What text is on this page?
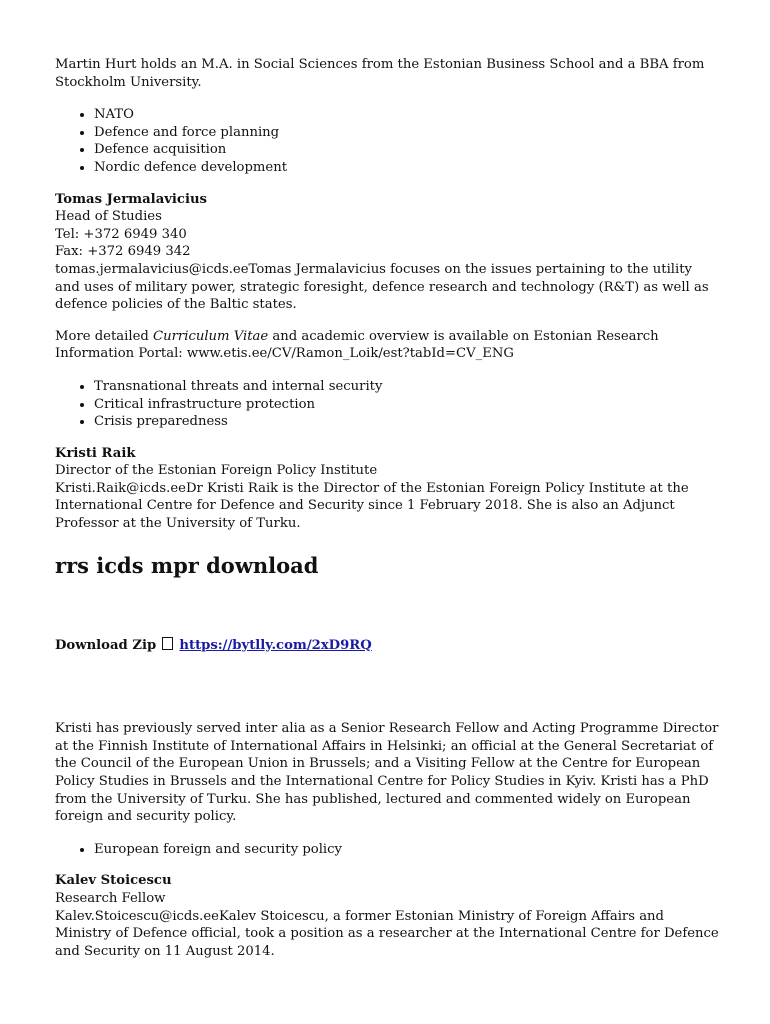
Martin Hurt holds an M.A. in Social Sciences from the Estonian Business School and a BBA from Stockholm University.

• NATO
• Defence and force planning
• Defence acquisition
• Nordic defence development
Tomas Jermalavicius
Head of Studies
Tel: +372 6949 340
Fax: +372 6949 342
tomas.jermalavicius@icds.eeTomas Jermalavicius focuses on the issues pertaining to the utility and uses of military power, strategic foresight, defence research and technology (R&T) as well as defence policies of the Baltic states.

More detailed Curriculum Vitae and academic overview is available on Estonian Research Information Portal: www.etis.ee/CV/Ramon_Loik/est?tabId=CV_ENG

• Transnational threats and internal security
• Critical infrastructure protection
• Crisis preparedness
Kristi Raik
Director of the Estonian Foreign Policy Institute
Kristi.Raik@icds.eeDr Kristi Raik is the Director of the Estonian Foreign Policy Institute at the International Centre for Defence and Security since 1 February 2018. She is also an Adjunct Professor at the University of Turku.
rrs icds mpr download
Download Zip https://bytlly.com/2xD9RQ

Kristi has previously served inter alia as a Senior Research Fellow and Acting Programme Director at the Finnish Institute of International Affairs in Helsinki; an official at the General Secretariat of the Council of the European Union in Brussels; and a Visiting Fellow at the Centre for European Policy Studies in Brussels and the International Centre for Policy Studies in Kyiv. Kristi has a PhD from the University of Turku. She has published, lectured and commented widely on European foreign and security policy.

• European foreign and security policy
Kalev Stoicescu
Research Fellow
Kalev.Stoicescu@icds.eeKalev Stoicescu, a former Estonian Ministry of Foreign Affairs and Ministry of Defence official, took a position as a researcher at the International Centre for Defence and Security on 11 August 2014.
